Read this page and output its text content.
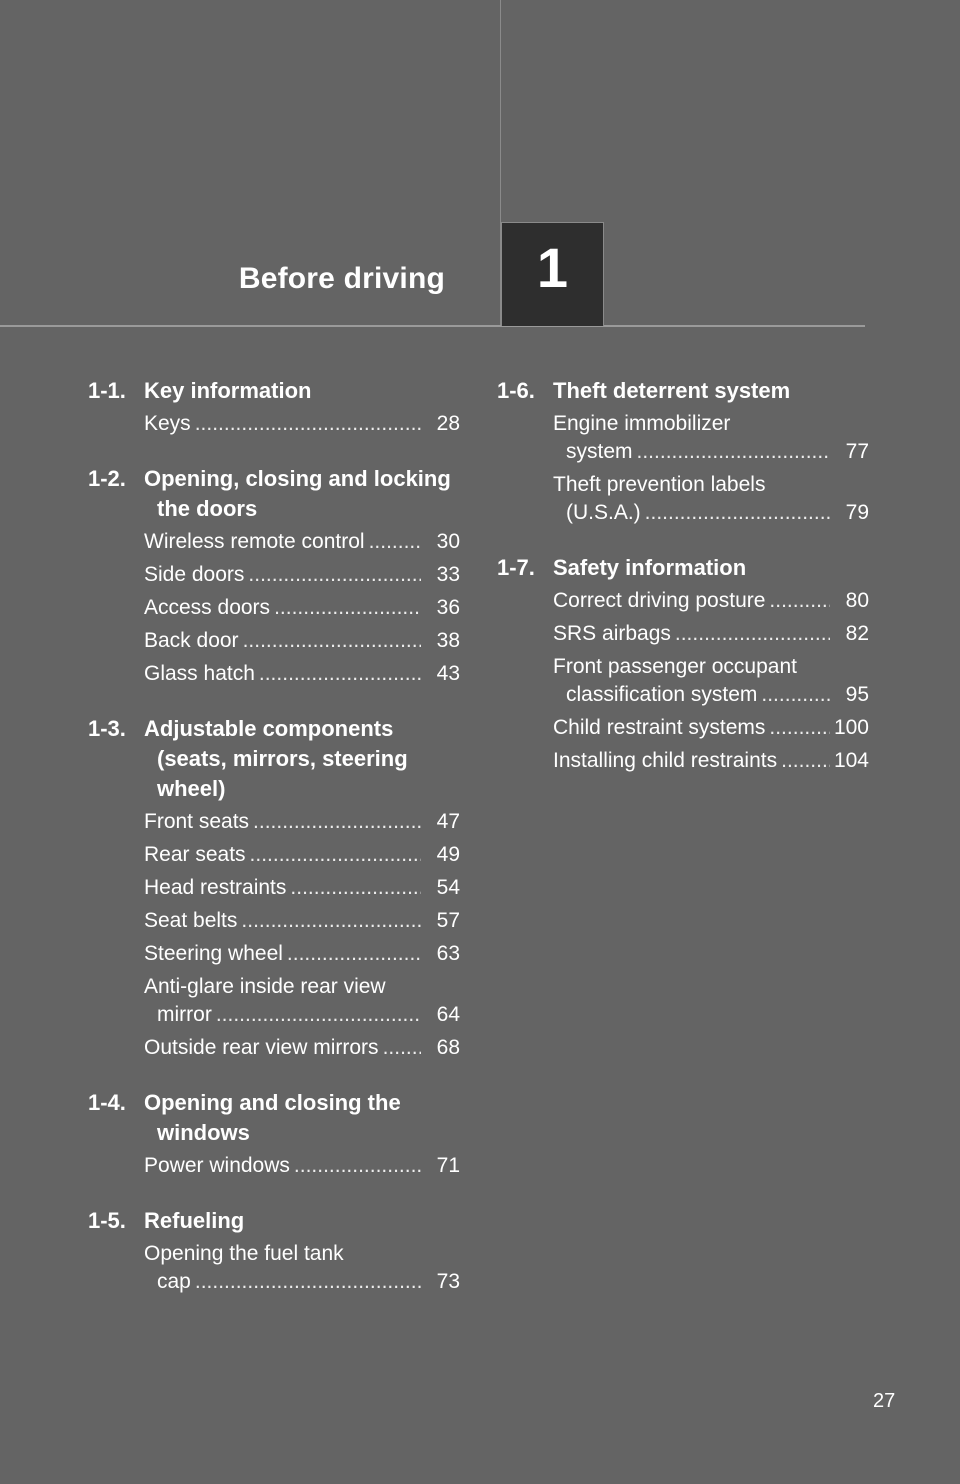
Before driving	1
1-1. Key information
Keys .....	28
1-2. Opening, closing and locking the doors
Wireless remote control .....	30
Side doors .....	33
Access doors .....	36
Back door .....	38
Glass hatch .....	43
1-3. Adjustable components (seats, mirrors, steering wheel)
Front seats .....	47
Rear seats .....	49
Head restraints .....	54
Seat belts .....	57
Steering wheel .....	63
Anti-glare inside rear view
mirror .....	64
Outside rear view mirrors .....	68
1-4. Opening and closing the windows
Power windows .....	71
1-5. Refueling
Opening the fuel tank
cap .....	73
1-6. Theft deterrent system
Engine immobilizer
system .....	77
Theft prevention labels
(U.S.A.) .....	79
1-7. Safety information
Correct driving posture .....	80
SRS airbags .....	82
Front passenger occupant
classification system .....	95
Child restraint systems .....	100
Installing child restraints .....	104
27
